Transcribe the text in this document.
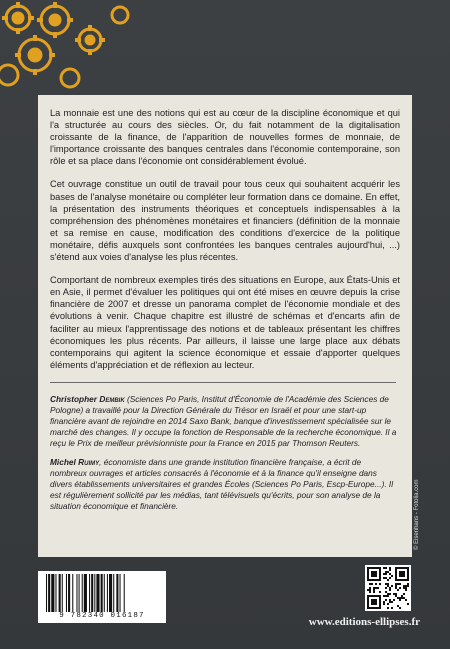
La monnaie est une des notions qui est au cœur de la discipline économique et qui l'a structurée au cours des siècles. Or, du fait notamment de la digitalisation croissante de la finance, de l'apparition de nouvelles formes de monnaie, de l'importance croissante des banques centrales dans l'économie contemporaine, son rôle et sa place dans l'économie ont considérablement évolué.

Cet ouvrage constitue un outil de travail pour tous ceux qui souhaitent acquérir les bases de l'analyse monétaire ou compléter leur formation dans ce domaine. En effet, la présentation des instruments théoriques et conceptuels indispensables à la compréhension des phénomènes monétaires et financiers (définition de la monnaie et sa remise en cause, modification des conditions d'exercice de la politique monétaire, défis auxquels sont confrontées les banques centrales aujourd'hui, ...) s'étend aux voies d'analyse les plus récentes.

Comportant de nombreux exemples tirés des situations en Europe, aux États-Unis et en Asie, il permet d'évaluer les politiques qui ont été mises en œuvre depuis la crise financière de 2007 et dresse un panorama complet de l'économie mondiale et des évolutions à venir. Chaque chapitre est illustré de schémas et d'encarts afin de faciliter au mieux l'apprentissage des notions et de tableaux présentant les chiffres économiques les plus récents. Par ailleurs, il laisse une large place aux débats contemporains qui agitent la science économique et essaie d'apporter quelques éléments d'appréciation et de réflexion au lecteur.

Christopher Dembik (Sciences Po Paris, Institut d'Économie de l'Académie des Sciences de Pologne) a travaillé pour la Direction Générale du Trésor en Israël et pour une start-up financière avant de rejoindre en 2014 Saxo Bank, banque d'investissement spécialisée sur le marché des changes. Il y occupe la fonction de Responsable de la recherche économique. Il a reçu le Prix de meilleur prévisionniste pour la France en 2015 par Thomson Reuters.

Michel Ruimy, économiste dans une grande institution financière française, a écrit de nombreux ouvrages et articles consacrés à l'économie et à la finance qu'il enseigne dans divers établissements universitaires et grandes Écoles (Sciences Po Paris, Escp-Europe...). Il est régulièrement sollicité par les médias, tant télévisuels qu'écrits, pour son analyse de la situation économique et financière.	© Eisenhans - Fotolia.com
9 782340 016187	www.editions-ellipses.fr
